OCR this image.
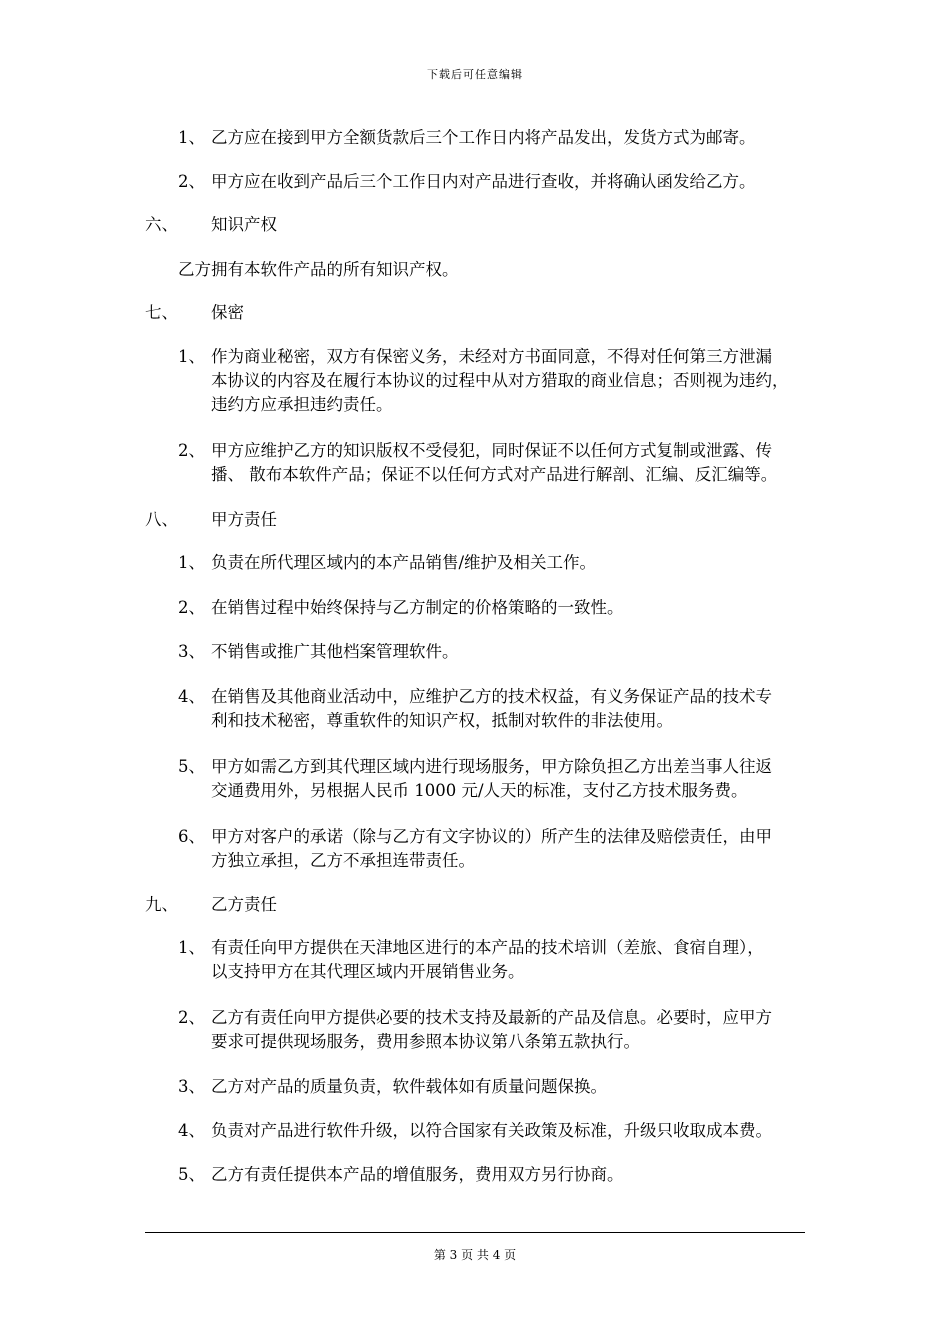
下载后可任意编辑
1、 乙方应在接到甲方全额货款后三个工作日内将产品发出，发货方式为邮寄。
2、 甲方应在收到产品后三个工作日内对产品进行查收，并将确认函发给乙方。
六、 知识产权
乙方拥有本软件产品的所有知识产权。
七、 保密
1、 作为商业秘密，双方有保密义务，未经对方书面同意，不得对任何第三方泄漏
本协议的内容及在履行本协议的过程中从对方猎取的商业信息；否则视为违约，
违约方应承担违约责任。
2、 甲方应维护乙方的知识版权不受侵犯，同时保证不以任何方式复制或泄露、传
播、 散布本软件产品；保证不以任何方式对产品进行解剖、汇编、反汇编等。
八、 甲方责任
1、 负责在所代理区域内的本产品销售/维护及相关工作。
2、 在销售过程中始终保持与乙方制定的价格策略的一致性。
3、 不销售或推广其他档案管理软件。
4、 在销售及其他商业活动中，应维护乙方的技术权益，有义务保证产品的技术专
利和技术秘密，尊重软件的知识产权，抵制对软件的非法使用。
5、 甲方如需乙方到其代理区域内进行现场服务，甲方除负担乙方出差当事人往返
交通费用外，另根据人民币 1000 元/人天的标准，支付乙方技术服务费。
6、 甲方对客户的承诺（除与乙方有文字协议的）所产生的法律及赔偿责任，由甲
方独立承担，乙方不承担连带责任。
九、 乙方责任
1、 有责任向甲方提供在天津地区进行的本产品的技术培训（差旅、食宿自理），
以支持甲方在其代理区域内开展销售业务。
2、 乙方有责任向甲方提供必要的技术支持及最新的产品及信息。必要时，应甲方
要求可提供现场服务，费用参照本协议第八条第五款执行。
3、 乙方对产品的质量负责，软件载体如有质量问题保换。
4、 负责对产品进行软件升级，以符合国家有关政策及标准，升级只收取成本费。
5、 乙方有责任提供本产品的增值服务，费用双方另行协商。
第 3 页 共 4 页
